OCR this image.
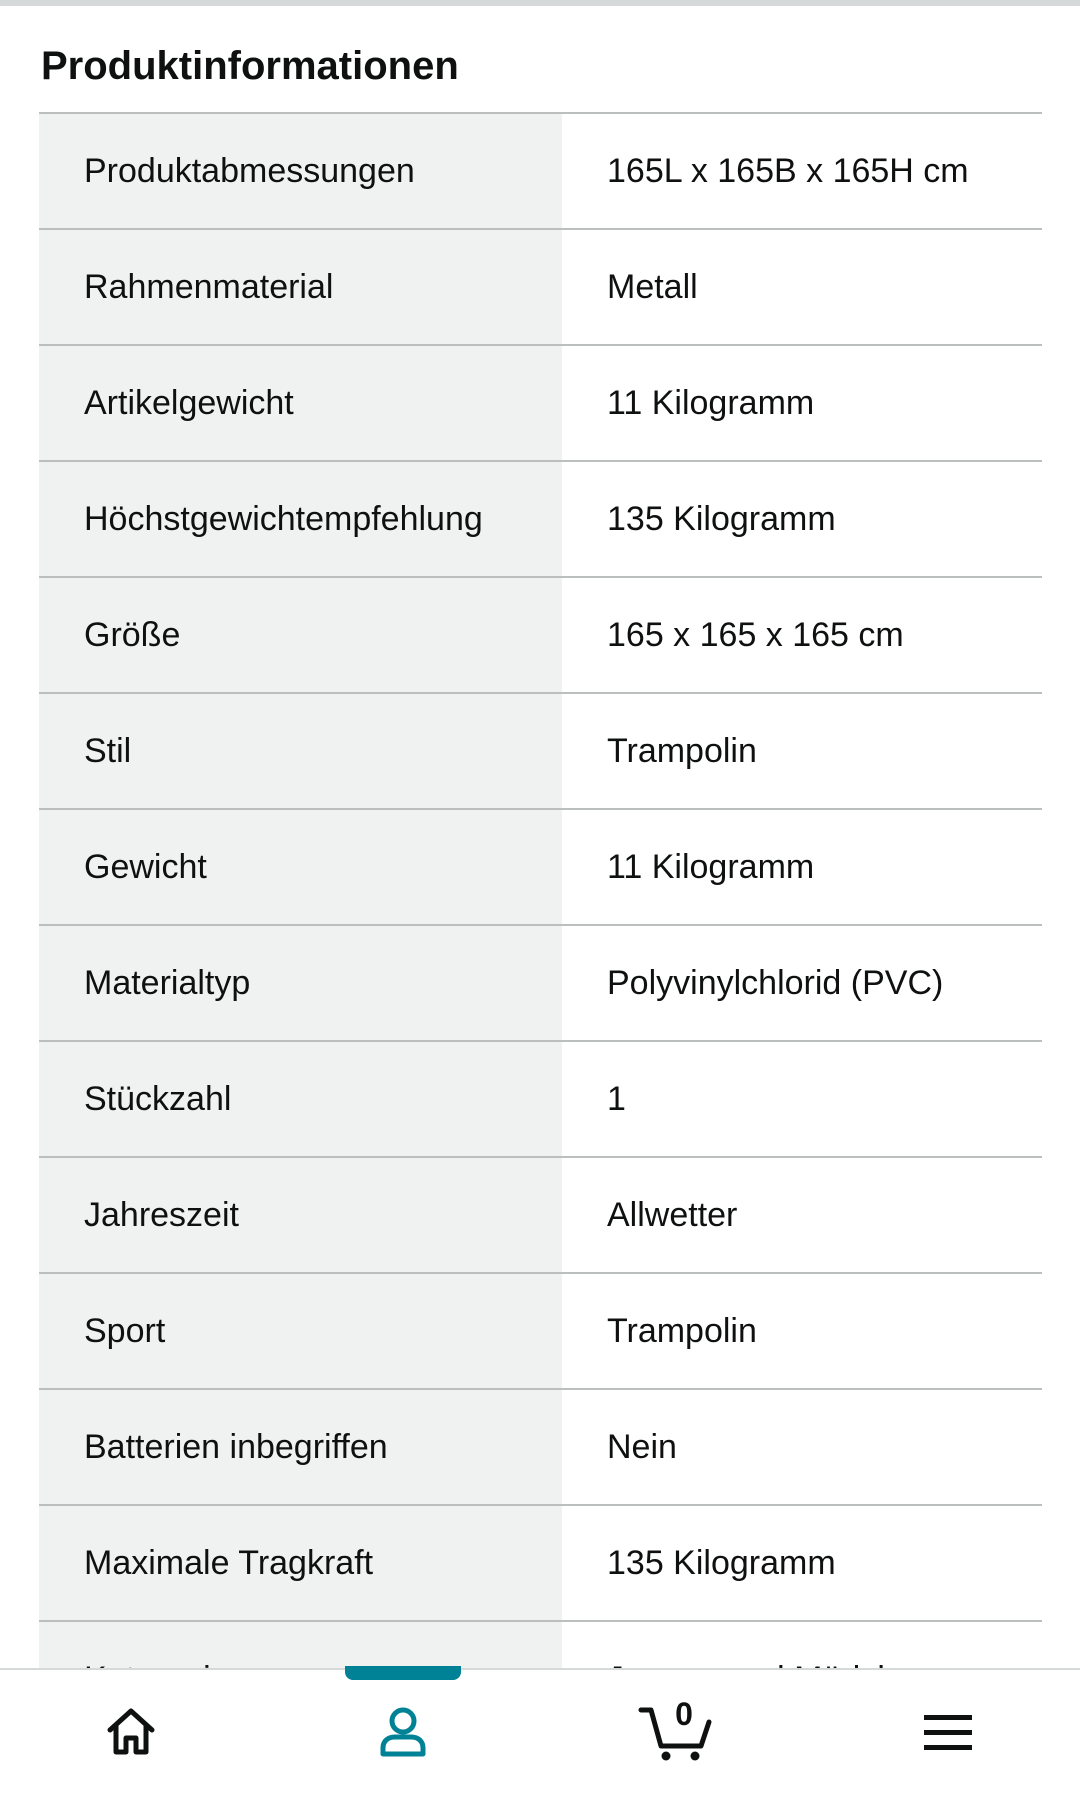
Produktinformationen
Produktabmessungen	165L x 165B x 165H cm
Rahmenmaterial	Metall
Artikelgewicht	11 Kilogramm
Höchstgewichtempfehlung	135 Kilogramm
Größe	165 x 165 x 165 cm
Stil	Trampolin
Gewicht	11 Kilogramm
Materialtyp	Polyvinylchlorid (PVC)
Stückzahl	1
Jahreszeit	Allwetter
Sport	Trampolin
Batterien inbegriffen	Nein
Maximale Tragkraft	135 Kilogramm
0
